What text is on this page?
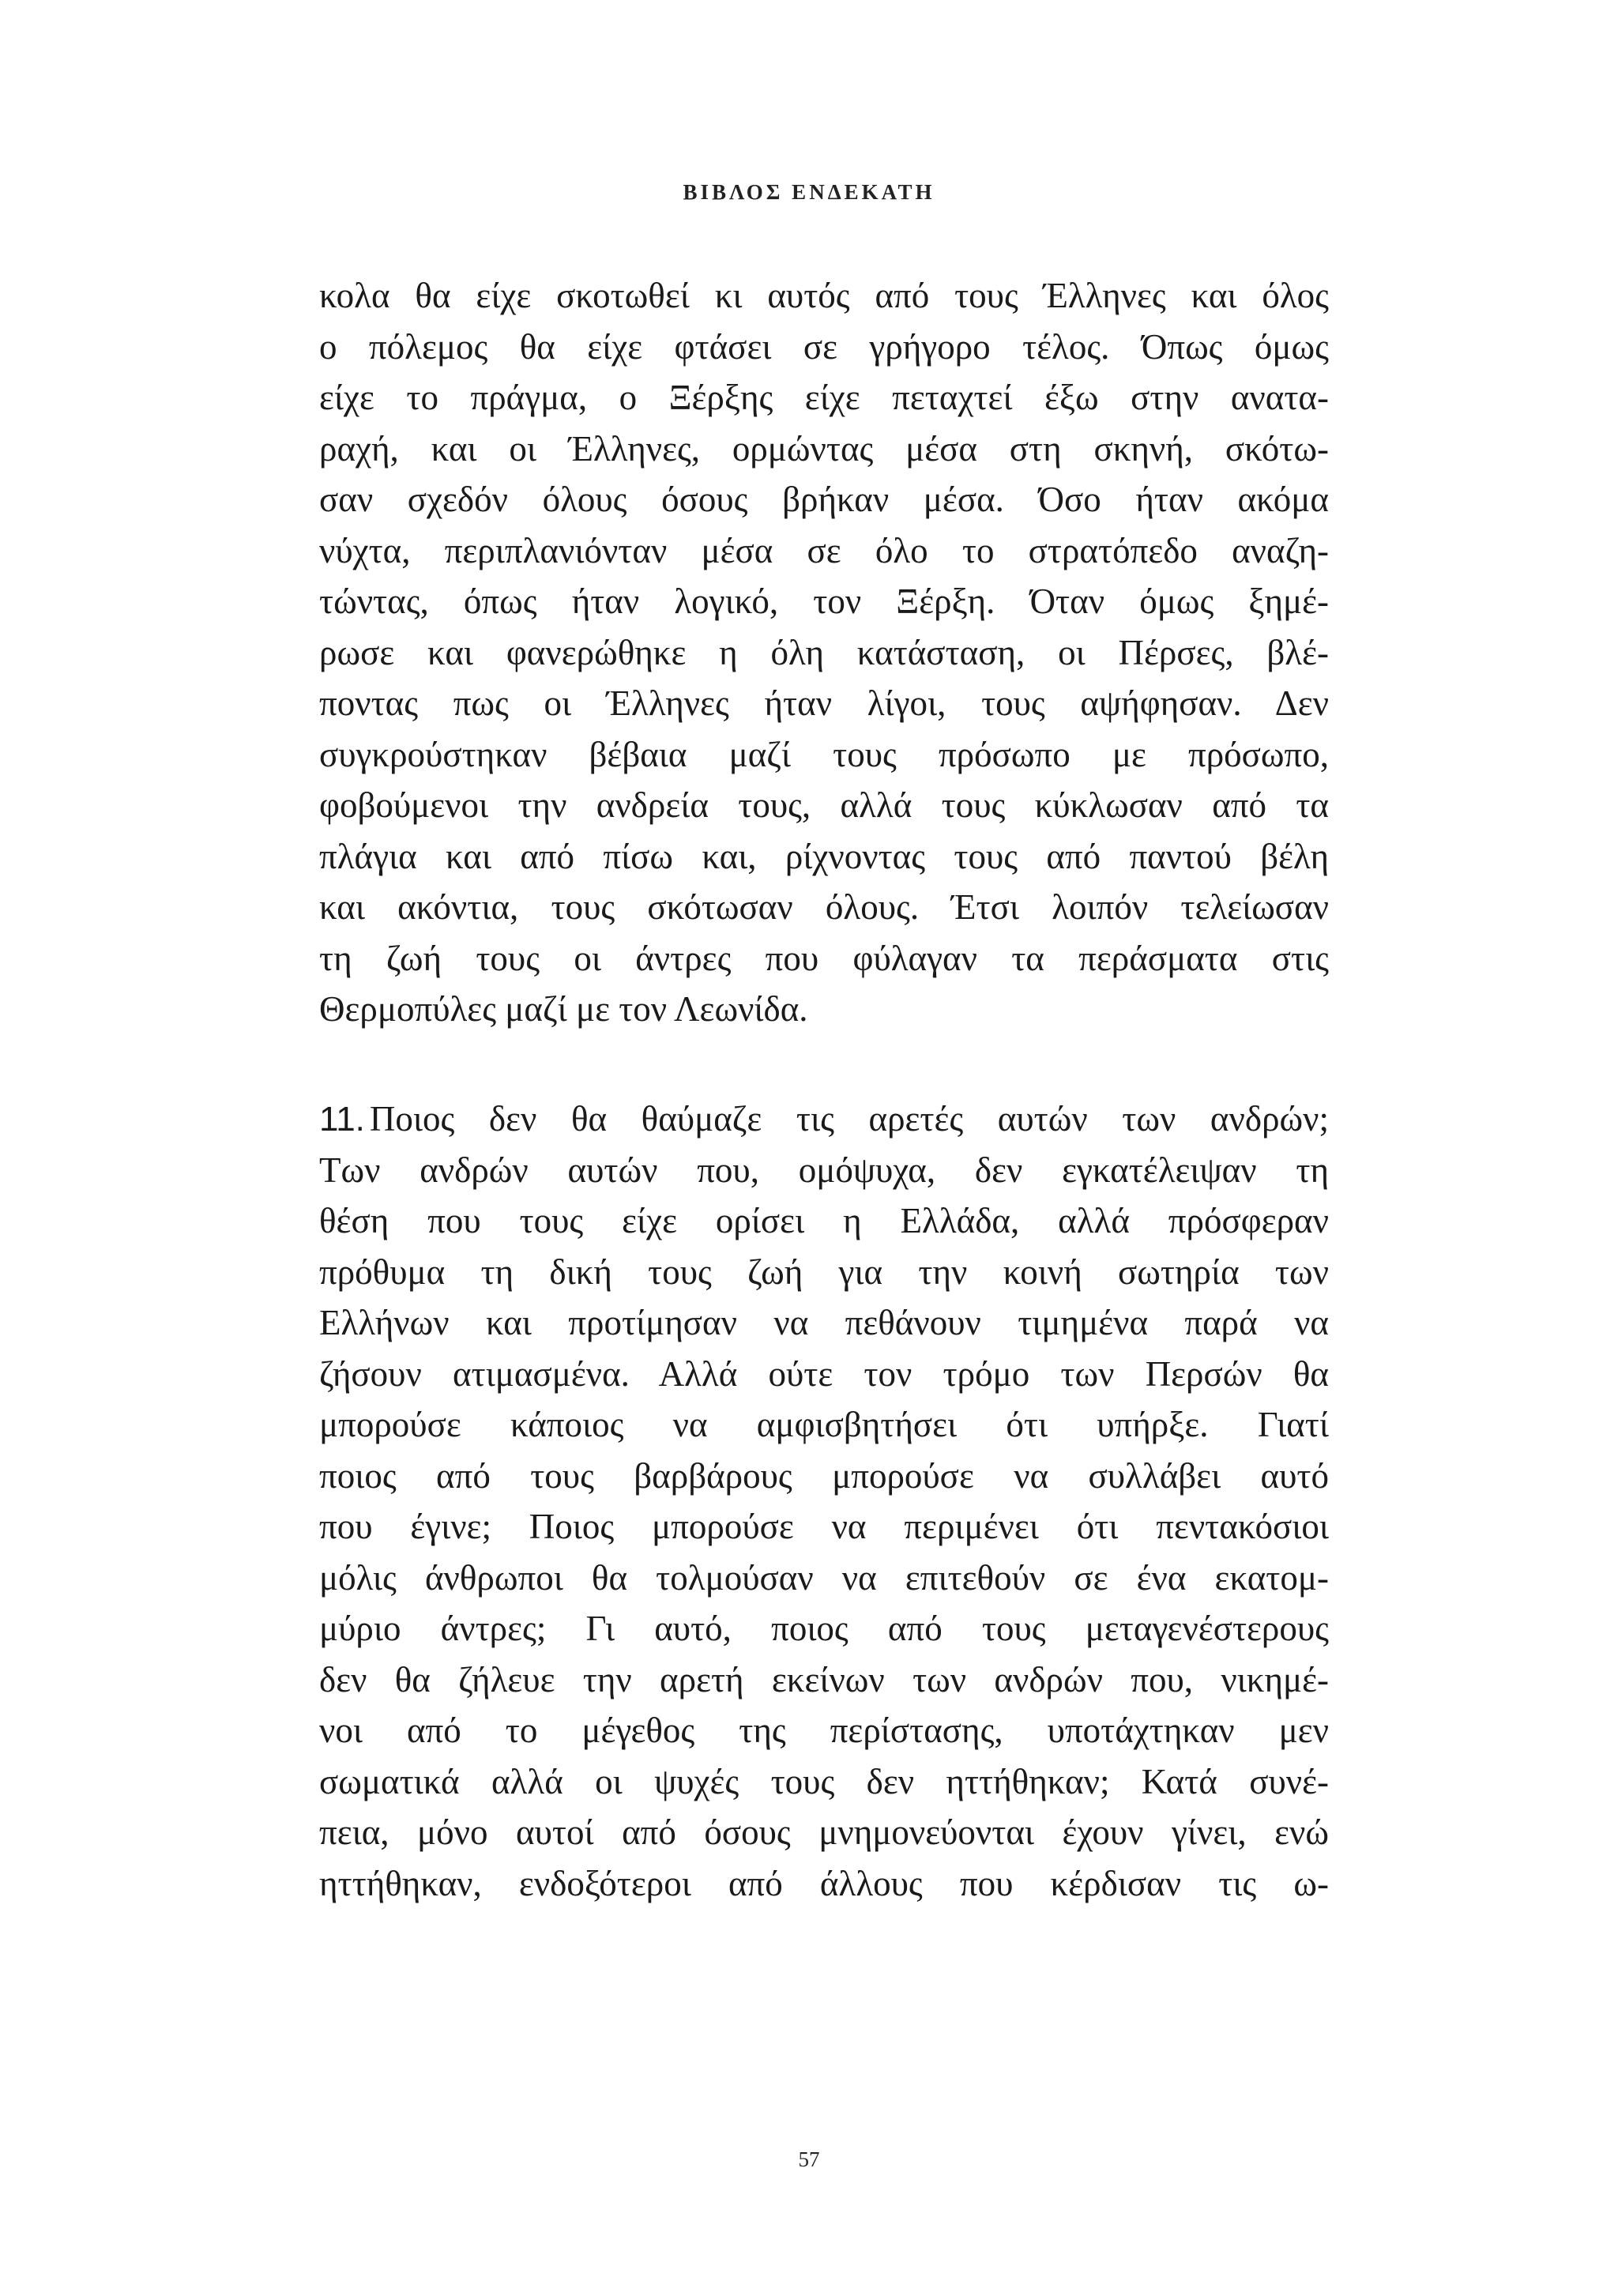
ΒΙΒΛΟΣ ΕΝΔΕΚΑΤΗ
κολα θα είχε σκοτωθεί κι αυτός από τους Έλληνες και όλος
ο πόλεμος θα είχε φτάσει σε γρήγορο τέλος. Όπως όμως
είχε το πράγμα, ο Ξέρξης είχε πεταχτεί έξω στην ανατα-
ραχή, και οι Έλληνες, ορμώντας μέσα στη σκηνή, σκότω-
σαν σχεδόν όλους όσους βρήκαν μέσα. Όσο ήταν ακόμα
νύχτα, περιπλανιόνταν μέσα σε όλο το στρατόπεδο αναζη-
τώντας, όπως ήταν λογικό, τον Ξέρξη. Όταν όμως ξημέ-
ρωσε και φανερώθηκε η όλη κατάσταση, οι Πέρσες, βλέ-
ποντας πως οι Έλληνες ήταν λίγοι, τους αψήφησαν. Δεν
συγκρούστηκαν βέβαια μαζί τους πρόσωπο με πρόσωπο,
φοβούμενοι την ανδρεία τους, αλλά τους κύκλωσαν από τα
πλάγια και από πίσω και, ρίχνοντας τους από παντού βέλη
και ακόντια, τους σκότωσαν όλους. Έτσι λοιπόν τελείωσαν
τη ζωή τους οι άντρες που φύλαγαν τα περάσματα στις
Θερμοπύλες μαζί με τον Λεωνίδα.
11. Ποιος δεν θα θαύμαζε τις αρετές αυτών των ανδρών;
Των ανδρών αυτών που, ομόψυχα, δεν εγκατέλειψαν τη
θέση που τους είχε ορίσει η Ελλάδα, αλλά πρόσφεραν
πρόθυμα τη δική τους ζωή για την κοινή σωτηρία των
Ελλήνων και προτίμησαν να πεθάνουν τιμημένα παρά να
ζήσουν ατιμασμένα. Αλλά ούτε τον τρόμο των Περσών θα
μπορούσε κάποιος να αμφισβητήσει ότι υπήρξε. Γιατί
ποιος από τους βαρβάρους μπορούσε να συλλάβει αυτό
που έγινε; Ποιος μπορούσε να περιμένει ότι πεντακόσιοι
μόλις άνθρωποι θα τολμούσαν να επιτεθούν σε ένα εκατομ-
μύριο άντρες; Γι αυτό, ποιος από τους μεταγενέστερους
δεν θα ζήλευε την αρετή εκείνων των ανδρών που, νικημέ-
νοι από το μέγεθος της περίστασης, υποτάχτηκαν μεν
σωματικά αλλά οι ψυχές τους δεν ηττήθηκαν; Κατά συνέ-
πεια, μόνο αυτοί από όσους μνημονεύονται έχουν γίνει, ενώ
ηττήθηκαν, ενδοξότεροι από άλλους που κέρδισαν τις ω-
57
